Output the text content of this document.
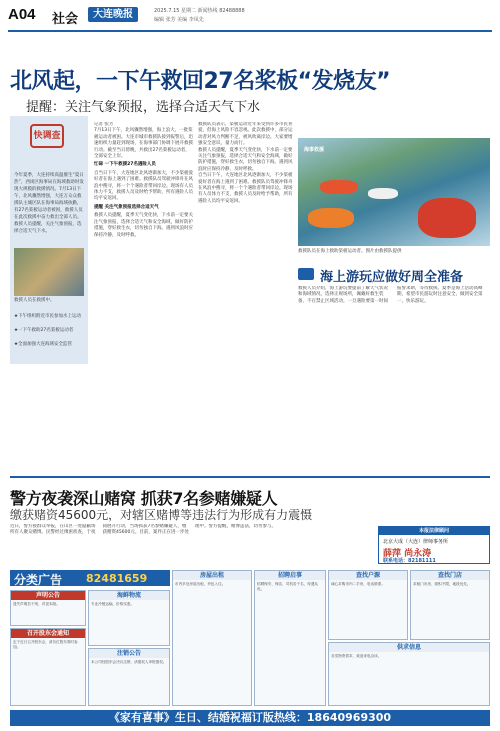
A04 社会	大连晚报	2025.7.15 星期二 新闻热线 82488888
编辑 张芳 美编 李凤先
北风起，一下午救回27名桨板“发烧友”
提醒：关注气象预报，选择合适天气下水
快调查
今年夏季，大连持续高温催生“夏日热”，西岗区海事局在海域救助时发现大规模的救援情况。7月13日下午，北风骤然增强，大连万众众救援队主城区队在海事局海域执勤，有27名桨板运动者被困，救援人员在此次救援中奋力救出全部人员。救援人员提醒，关注气象预报，选择合适天气下水。
救援人员在救援中。
★下午组织附近市民参加水上运动
★一下午救助27名桨板运动者
★全面加强大连海域安全监管
记者 张芳
7月13日下午，北风骤然增强，海上浪大，一批桨板运动者被困。大连市城市救援队接到报警后，迅速组织力量赶到现场，在海事部门协调下展开救援行动。截至当日傍晚，共救出27名桨板运动者，全部安全上岸。
忙碌 一下午救援27名遇险人员
自当日下午，大连地区北风逐渐加大，不少桨板爱好者在海上遇到了困难。救援队员驾驶冲锋舟在风浪中搜寻，将一个个遇险者带回岸边。现场有人员体力不支，救援人员及时给予帮助，所有遇险人员均平安返回。
提醒 关注气象预报选择合适天气
救援人员提醒，夏季天气变化快，下水前一定要关注气象预报，选择合适天气和安全海域，做好防护措施，穿好救生衣，切勿独自下海。遇到风浪时应保持冷静，及时呼救。
救援队员表示，桨板运动近年来受到许多市民喜爱，但海上风险不容忽视。此次救援中，部分运动者对风力判断不足，被风吹离岸边。大家要增强安全意识，量力而行。
救援人员提醒，夏季天气变化快，下水前一定要关注气象预报，选择合适天气和安全海域，做好防护措施，穿好救生衣，切勿独自下海。遇到风浪时应保持冷静，及时呼救。
自当日下午，大连地区北风逐渐加大，不少桨板爱好者在海上遇到了困难。救援队员驾驶冲锋舟在风浪中搜寻，将一个个遇险者带回岸边。现场有人员体力不支，救援人员及时给予帮助，所有遇险人员均平安返回。
海事救援
救援队员在海上救助桨板运动者。图片由救援队提供
海上游玩应做好周全准备
救援人员介绍，海上游玩要提前了解天气状况和海域情况，选择正规场所，佩戴好救生装备，不在禁止区域活动。一旦遇险要第一时间报警求助，等待救援。夏季是海上活动高峰期，希望市民游玩时注意安全，做到安全第一、快乐游玩。
警方夜袭深山赌窝 抓获7名参赌嫌疑人
缴获赌资45600元，对辖区赌博等违法行为形成有力震慑
近日，警方接群众举报，在山区一处隐蔽场所有人聚众赌博。民警经过缜密侦查，于夜间展开行动，当场抓获7名参赌嫌疑人，缴获赌资45600元。目前，案件正在进一步处理中。警方提醒，赌博违法，切勿参与。
本报法律顾问
北京大成（大连）律师事务所
薛萍 尚永涛
联系电话：82181111
分类广告 82481659
声明公告
遗失声明若干则，详见本版。
召开股东会通知
定于近日召开股东会，请各位股东准时参加。
海鲜物流
专业冷链运输，价格实惠。
注销公告
本公司经股东会决议注销，请债权人申报债权。
房屋出租
市内多处房屋出租，拎包入住。
招聘启事
招聘保安、保洁、司机若干名，待遇从优。
查找户源
诚心求购市内二手房，电话联系。
查找门店
求租门市房，面积不限，地段优先。
供求信息
各类物资供求，欢迎来电洽谈。
《家有喜事》生日、结婚祝福订版热线：18640969300
